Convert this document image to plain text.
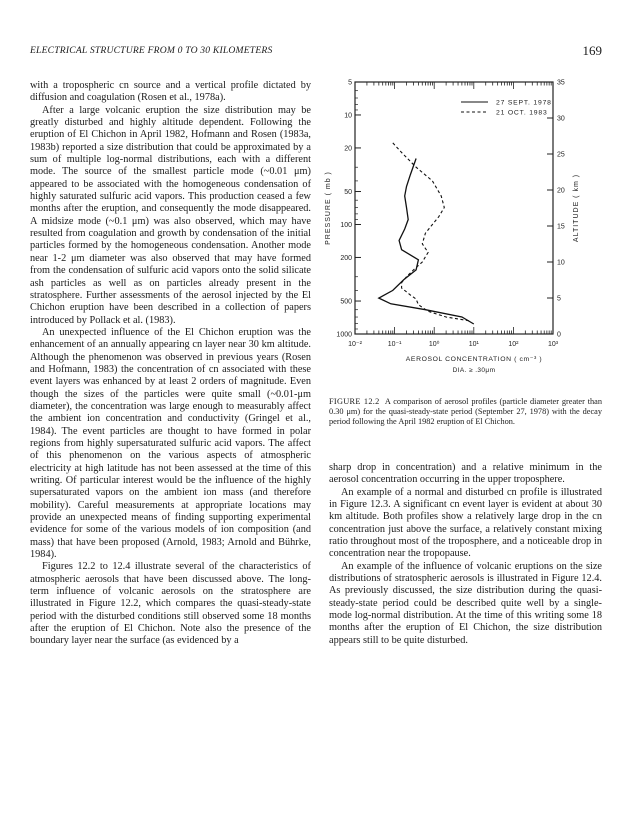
ELECTRICAL STRUCTURE FROM 0 TO 30 KILOMETERS	169

with a tropospheric cn source and a vertical profile dictated by diffusion and coagulation (Rosen et al., 1978a).

After a large volcanic eruption the size distribution may be greatly disturbed and highly altitude dependent. Following the eruption of El Chichon in April 1982, Hofmann and Rosen (1983a, 1983b) reported a size distribution that could be approximated by a sum of multiple log-normal distributions, each with a different mode. The source of the smallest particle mode (~0.01 μm) appeared to be associated with the homogeneous condensation of highly saturated sulfuric acid vapors. This production ceased a few months after the eruption, and consequently the mode disappeared. A midsize mode (~0.1 μm) was also observed, which may have resulted from coagulation and growth by condensation of the initial particles formed by the homogeneous condensation. Another mode near 1-2 μm diameter was also observed that may have formed from the condensation of sulfuric acid vapors onto the solid silicate ash particles as well as on particles already present in the stratosphere. Further assessments of the aerosol injected by the El Chichon eruption have been described in a collection of papers introduced by Pollack et al. (1983).

An unexpected influence of the El Chichon eruption was the enhancement of an annually appearing cn layer near 30 km altitude. Although the phenomenon was observed in previous years (Rosen and Hofmann, 1983) the concentration of cn associated with these event layers was enhanced by at least 2 orders of magnitude. Even though the sizes of the particles were quite small (~0.01-μm diameter), the concentration was large enough to measurably affect the ambient ion concentration and conductivity (Gringel et al., 1984). The event particles are thought to have formed in polar regions from highly supersaturated sulfuric acid vapors. The affect of this phenomenon on the various aspects of atmospheric electricity at high latitude has not been assessed at the time of this writing. Of particular interest would be the influence of the highly supersaturated vapors on the ambient ion mass (and therefore mobility). Careful measurements at appropriate locations may provide an unexpected means of finding supporting experimental evidence for some of the various models of ion composition (and mass) that have been proposed (Arnold, 1983; Arnold and Bührke, 1984).

Figures 12.2 to 12.4 illustrate several of the characteristics of atmospheric aerosols that have been discussed above. The long-term influence of volcanic aerosols on the stratosphere are illustrated in Figure 12.2, which compares the quasi-steady-state period with the disturbed conditions still observed some 18 months after the eruption of El Chichon. Note also the presence of the boundary layer near the surface (as evidenced by a

10⁻²	10⁻¹	10⁰	10¹	10²	10³
5
10
20
50
100
200
500
1000	0
5
10
15
20
25
30
35
PRESSURE ( mb )	ALTITUDE ( km )
AEROSOL CONCENTRATION ( cm⁻³ )
DIA. ≥ .30μm
27 SEPT. 1978
21 OCT. 1983
FIGURE 12.2 A comparison of aerosol profiles (particle diameter greater than 0.30 μm) for the quasi-steady-state period (September 27, 1978) with the decay period following the April 1982 eruption of El Chichon.

sharp drop in concentration) and a relative minimum in the aerosol concentration occurring in the upper troposphere.

An example of a normal and disturbed cn profile is illustrated in Figure 12.3. A significant cn event layer is evident at about 30 km altitude. Both profiles show a relatively large drop in the cn concentration just above the surface, a relatively constant mixing ratio throughout most of the troposphere, and a noticeable drop in concentration near the tropopause.

An example of the influence of volcanic eruptions on the size distributions of stratospheric aerosols is illustrated in Figure 12.4. As previously discussed, the size distribution during the quasi-steady-state period could be described quite well by a single-mode log-normal distribution. At the time of this writing some 18 months after the eruption of El Chichon, the size distribution appears still to be quite disturbed.
